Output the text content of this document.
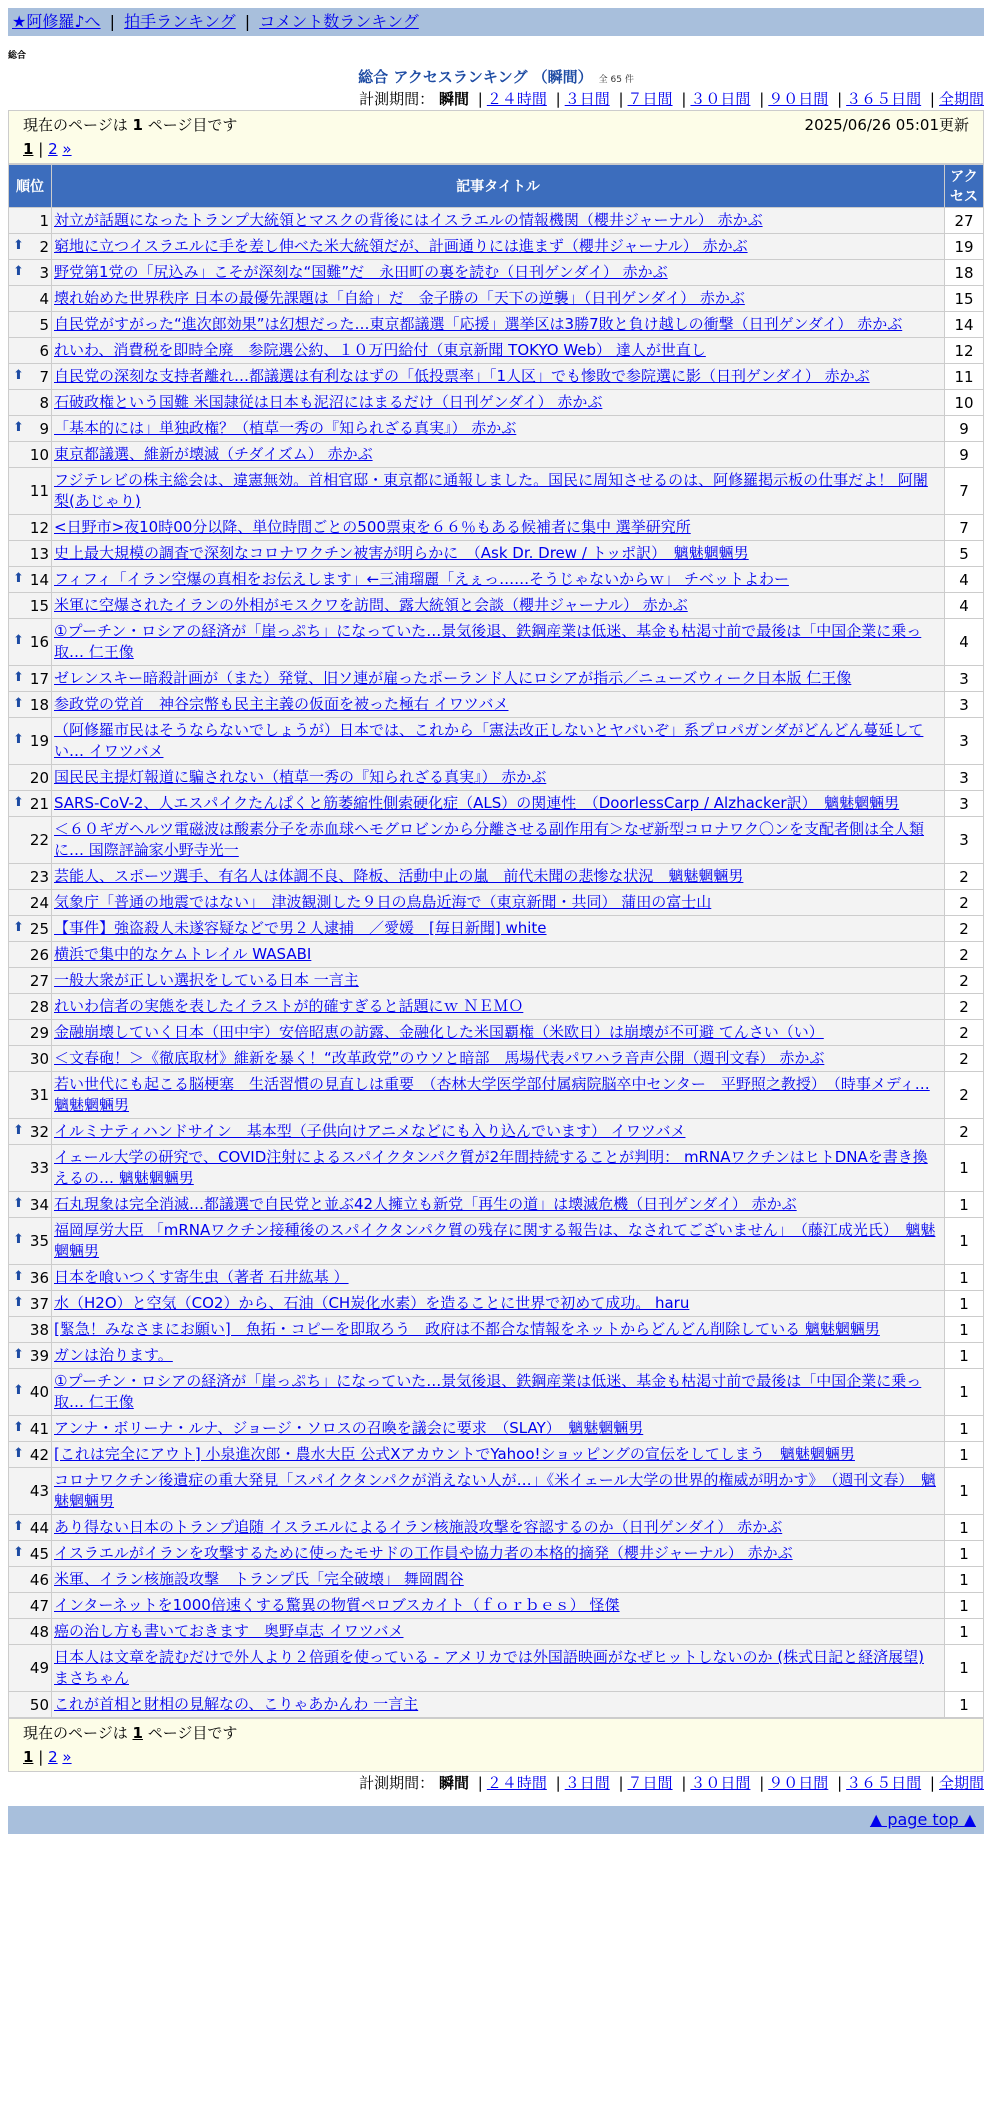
★阿修羅♪へ | 拍手ランキング | コメント数ランキング
総合
総合 アクセスランキング （瞬間） 全 65 件
計測期間： 瞬間 | ２４時間 | ３日間 | ７日間 | ３０日間 | ９０日間 | ３６５日間 | 全期間
現在のページは 1 ページ目です	2025/06/26 05:01更新
1 | 2 »
順位	記事タイトル	アクセス
1	対立が話題になったトランプ大統領とマスクの背後にはイスラエルの情報機関（櫻井ジャーナル） 赤かぶ	27

⬆ 2	窮地に立つイスラエルに手を差し伸べた米大統領だが、計画通りには進まず（櫻井ジャーナル） 赤かぶ	19

⬆ 3	野党第1党の「尻込み」こそが深刻な“国難”だ　永田町の裏を読む（日刊ゲンダイ） 赤かぶ	18
4	壊れ始めた世界秩序 日本の最優先課題は「自給」だ　金子勝の「天下の逆襲」（日刊ゲンダイ） 赤かぶ	15
5	自民党がすがった“進次郎効果”は幻想だった…東京都議選「応援」選挙区は3勝7敗と負け越しの衝撃（日刊ゲンダイ） 赤かぶ	14
6	れいわ、消費税を即時全廃　参院選公約、１０万円給付（東京新聞 TOKYO Web） 達人が世直し	12

⬆ 7	自民党の深刻な支持者離れ…都議選は有利なはずの「低投票率」「1人区」でも惨敗で参院選に影（日刊ゲンダイ） 赤かぶ	11
8	石破政権という国難 米国隷従は日本も泥沼にはまるだけ（日刊ゲンダイ） 赤かぶ	10

⬆ 9	「基本的には」単独政権？（植草一秀の『知られざる真実』） 赤かぶ	9
10	東京都議選、維新が壊滅（チダイズム） 赤かぶ	9
11	フジテレビの株主総会は、違憲無効。首相官邸・東京都に通報しました。国民に周知させるのは、阿修羅掲示板の仕事だよ！ 阿闍梨(あじゃり)	7
12	<日野市>夜10時00分以降、単位時間ごとの500票束を６６％もある候補者に集中 選挙研究所	7
13	史上最大規模の調査で深刻なコロナワクチン被害が明らかに　（Ask Dr. Drew / トッポ訳）　魑魅魍魎男	5

⬆ 14	フィフィ「イラン空爆の真相をお伝えします」←三浦瑠麗「えぇっ……そうじゃないからｗ」 チベットよわー	4
15	米軍に空爆されたイランの外相がモスクワを訪問、露大統領と会談（櫻井ジャーナル） 赤かぶ	4

⬆ 16	①プーチン・ロシアの経済が「崖っぷち」になっていた…景気後退、鉄鋼産業は低迷、基金も枯渇寸前で最後は「中国企業に乗っ取… 仁王像	4

⬆ 17	ゼレンスキー暗殺計画が（また）発覚、旧ソ連が雇ったポーランド人にロシアが指示／ニューズウィーク日本版 仁王像	3

⬆ 18	参政党の党首　神谷宗幣も民主主義の仮面を被った極右 イワツバメ	3

⬆ 19	（阿修羅市民はそうならないでしょうが）日本では、これから「憲法改正しないとヤバいぞ」系プロパガンダがどんどん蔓延してい… イワツバメ	3
20	国民民主提灯報道に騙されない（植草一秀の『知られざる真実』） 赤かぶ	3

⬆ 21	SARS-CoV-2、人エスパイクたんぱくと筋萎縮性側索硬化症（ALS）の関連性　（DoorlessCarp / Alzhacker訳）　魑魅魍魎男	3
22	＜６０ギガヘルツ電磁波は酸素分子を赤血球ヘモグロビンから分離させる副作用有＞なぜ新型コロナワク〇ンを支配者側は全人類に… 国際評論家小野寺光一	3
23	芸能人、スポーツ選手、有名人は体調不良、降板、活動中止の嵐　前代未聞の悲惨な状況　魑魅魍魎男	2
24	気象庁「普通の地震ではない」　津波観測した９日の鳥島近海で（東京新聞・共同） 蒲田の富士山	2

⬆ 25	【事件】強盗殺人未遂容疑などで男２人逮捕　／愛媛　[毎日新聞] white	2
26	横浜で集中的なケムトレイル WASABI	2
27	一般大衆が正しい選択をしている日本 一言主	2
28	れいわ信者の実態を表したイラストが的確すぎると話題にｗ ＮＥＭＯ	2
29	金融崩壊していく日本（田中宇）安倍昭恵の訪露、金融化した米国覇権（米欧日）は崩壊が不可避 てんさい（い）	2
30	＜文春砲！＞《徹底取材》維新を暴く！“改革政党”のウソと暗部　馬場代表パワハラ音声公開（週刊文春） 赤かぶ	2
31	若い世代にも起こる脳梗塞　生活習慣の見直しは重要　（杏林大学医学部付属病院脳卒中センター　平野照之教授）　（時事メディ… 魑魅魍魎男	2

⬆ 32	イルミナティハンドサイン　基本型（子供向けアニメなどにも入り込んでいます） イワツバメ	2
33	イェール大学の研究で、COVID注射によるスパイクタンパク質が2年間持続することが判明： mRNAワクチンはヒトDNAを書き換えるの… 魑魅魍魎男	1

⬆ 34	石丸現象は完全消滅…都議選で自民党と並ぶ42人擁立も新党「再生の道」は壊滅危機（日刊ゲンダイ） 赤かぶ	1

⬆ 35	福岡厚労大臣 「mRNAワクチン接種後のスパイクタンパク質の残存に関する報告は、なされてございません」　（藤江成光氏）　魑魅魍魎男	1

⬆ 36	日本を喰いつくす寄生虫（著者 石井紘基 ）	1

⬆ 37	水（H2O）と空気（CO2）から、石油（CH炭化水素）を造ることに世界で初めて成功。 haru	1
38	[緊急！みなさまにお願い]　魚拓・コピーを即取ろう　政府は不都合な情報をネットからどんどん削除している 魑魅魍魎男	1

⬆ 39	ガンは治ります。	1

⬆ 40	①プーチン・ロシアの経済が「崖っぷち」になっていた…景気後退、鉄鋼産業は低迷、基金も枯渇寸前で最後は「中国企業に乗っ取… 仁王像	1

⬆ 41	アンナ・ボリーナ・ルナ、ジョージ・ソロスの召喚を議会に要求　（SLAY）　魑魅魍魎男	1

⬆ 42	[これは完全にアウト] 小泉進次郎・農水大臣 公式XアカウントでYahoo!ショッピングの宣伝をしてしまう　魑魅魍魎男	1
43	コロナワクチン後遺症の重大発見「スパイクタンパクが消えない人が…」《米イェール大学の世界的権威が明かす》　（週刊文春）　魑魅魍魎男	1

⬆ 44	あり得ない日本のトランプ追随 イスラエルによるイラン核施設攻撃を容認するのか（日刊ゲンダイ） 赤かぶ	1

⬆ 45	イスラエルがイランを攻撃するために使ったモサドの工作員や協力者の本格的摘発（櫻井ジャーナル） 赤かぶ	1
46	米軍、イラン核施設攻撃　トランプ氏「完全破壊」 舞岡閻谷	1
47	インターネットを1000倍速くする驚異の物質ペロブスカイト（ｆｏｒｂｅｓ） 怪傑	1
48	癌の治し方も書いておきます　奥野卓志 イワツバメ	1
49	日本人は文章を読むだけで外人より２倍頭を使っている - アメリカでは外国語映画がなぜヒットしないのか (株式日記と経済展望) まさちゃん	1
50	これが首相と財相の見解なの、こりゃあかんわ 一言主	1
現在のページは 1 ページ目です
1 | 2 »
計測期間： 瞬間 | ２４時間 | ３日間 | ７日間 | ３０日間 | ９０日間 | ３６５日間 | 全期間
▲ page top ▲
